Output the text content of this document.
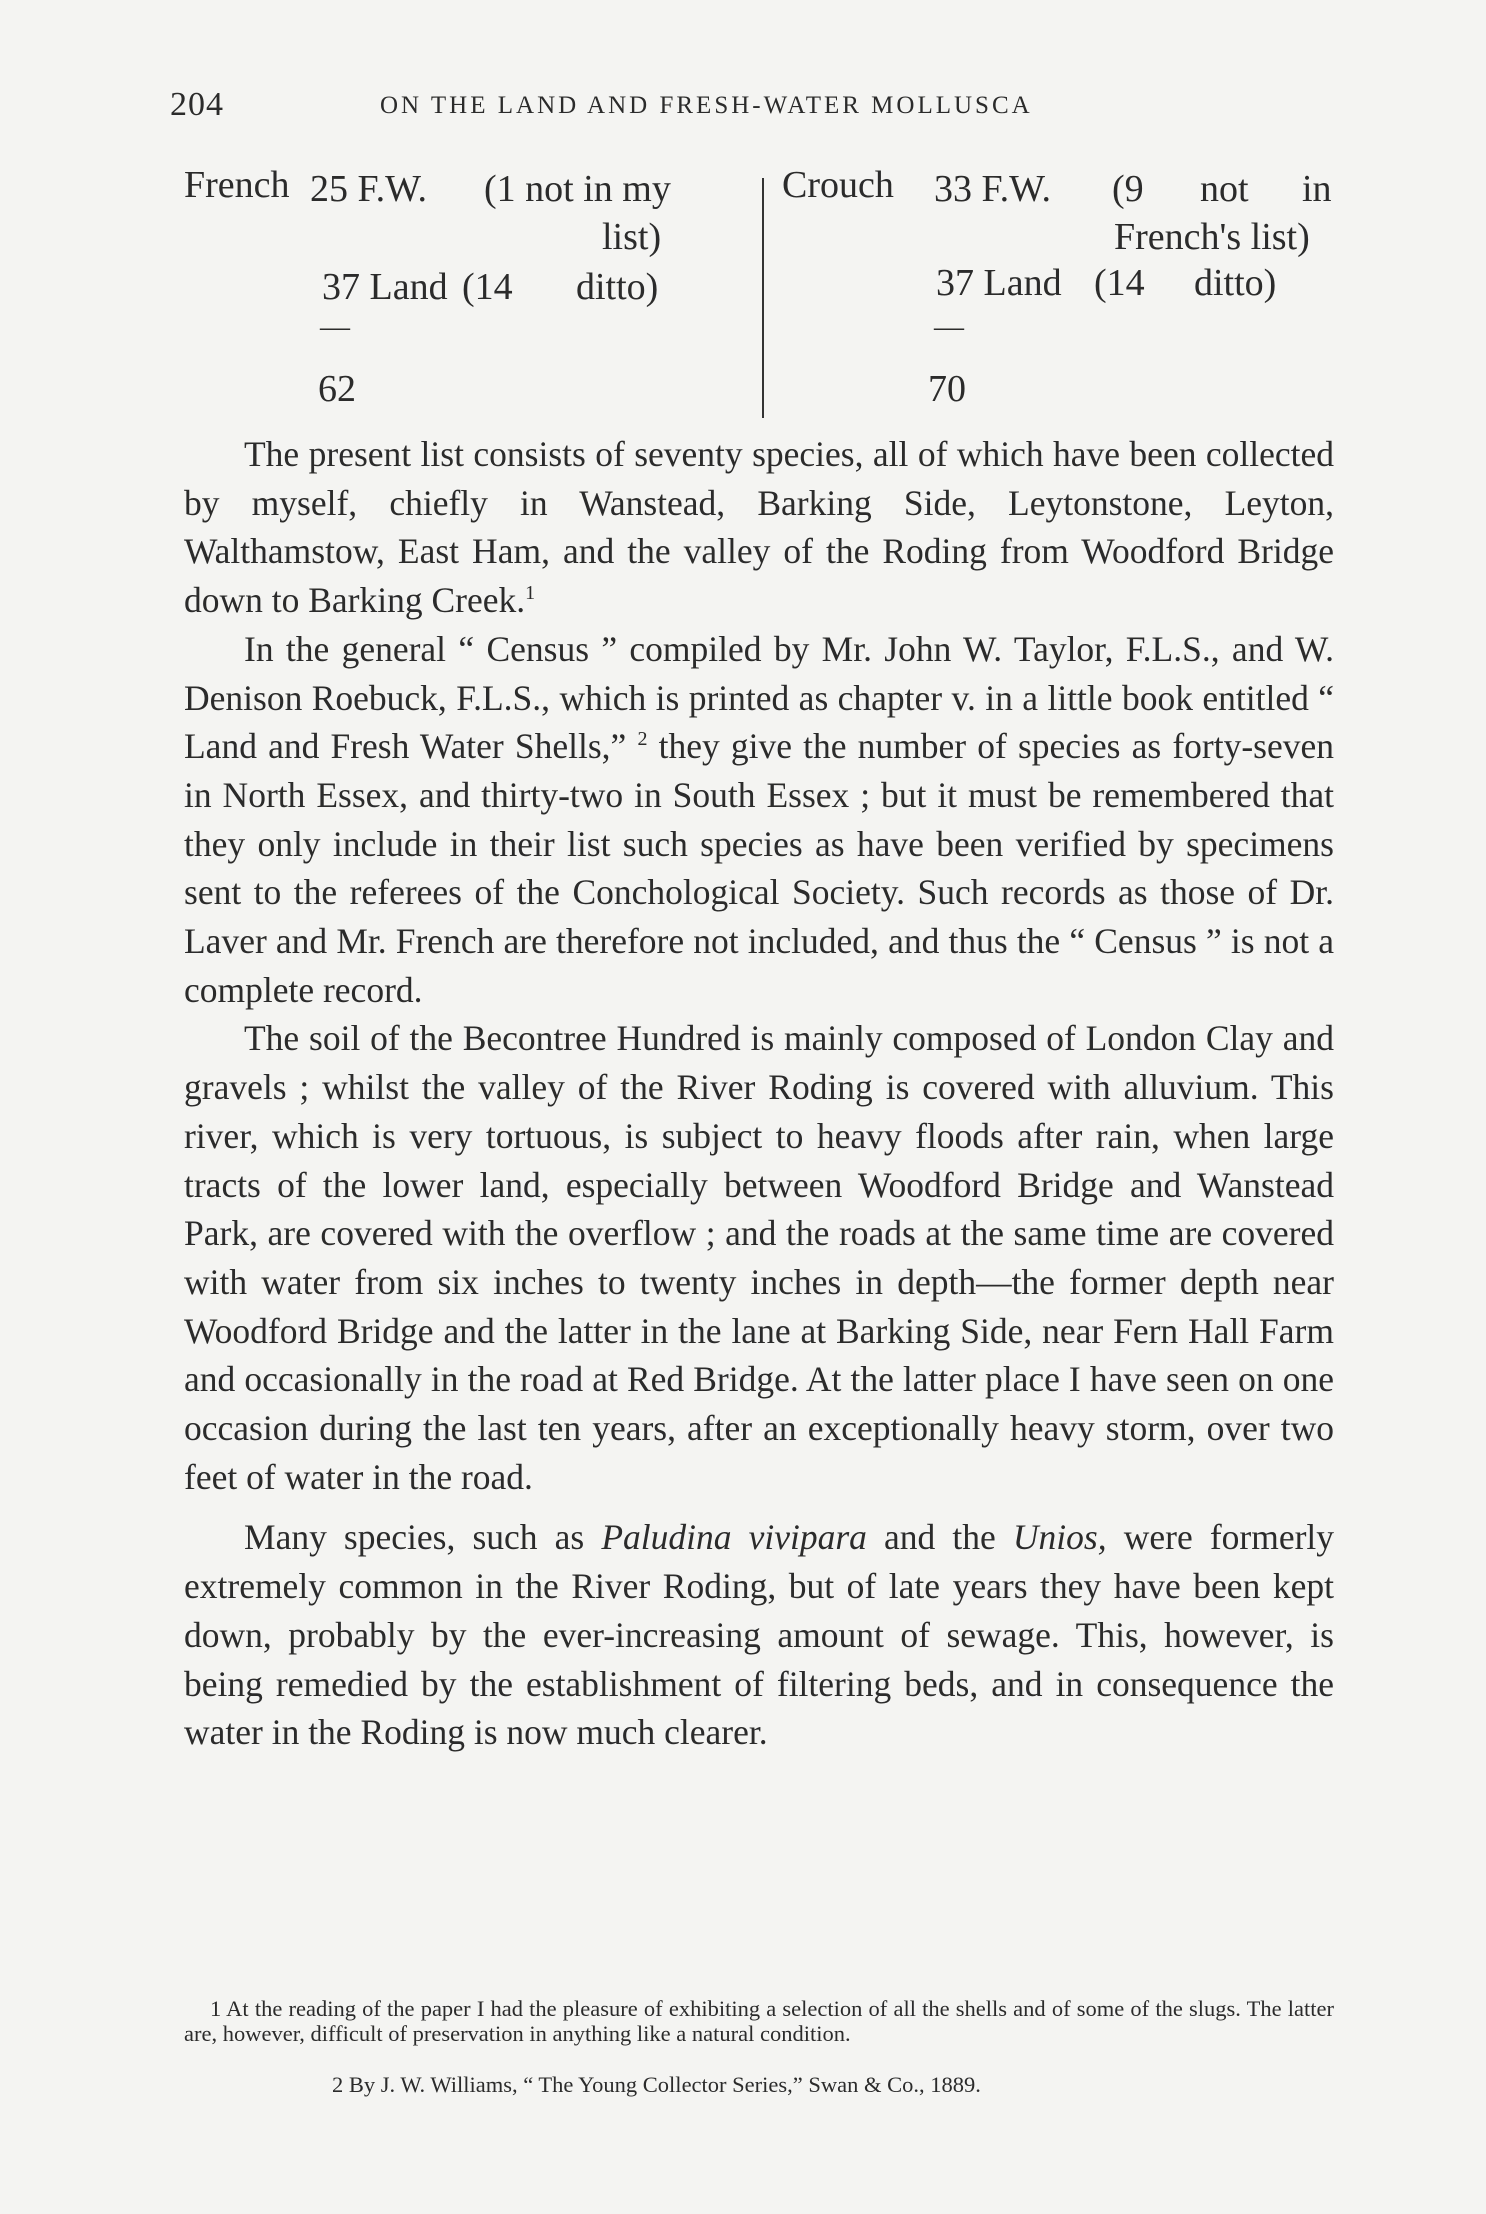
204	ON THE LAND AND FRESH-WATER MOLLUSCA
French 25 F.W. (1 not in my
list)
37 Land (14 ditto)
—
62
Crouch 33 F.W. (9 not in
French's list)
37 Land (14 ditto)
—
70

The present list consists of seventy species, all of which have been collected by myself, chiefly in Wanstead, Barking Side, Leytonstone, Leyton, Walthamstow, East Ham, and the valley of the Roding from Woodford Bridge down to Barking Creek.$^1$

In the general “ Census ” compiled by Mr. John W. Taylor, F.L.S., and W. Denison Roebuck, F.L.S., which is printed as chapter v. in a little book entitled “ Land and Fresh Water Shells,” $^2$ they give the number of species as forty-seven in North Essex, and thirty-two in South Essex ; but it must be remembered that they only include in their list such species as have been verified by specimens sent to the referees of the Conchological Society. Such records as those of Dr. Laver and Mr. French are therefore not included, and thus the “ Census ” is not a complete record.

The soil of the Becontree Hundred is mainly composed of London Clay and gravels ; whilst the valley of the River Roding is covered with alluvium. This river, which is very tortuous, is subject to heavy floods after rain, when large tracts of the lower land, especially between Woodford Bridge and Wanstead Park, are covered with the overflow ; and the roads at the same time are covered with water from six inches to twenty inches in depth—the former depth near Woodford Bridge and the latter in the lane at Barking Side, near Fern Hall Farm and occasionally in the road at Red Bridge. At the latter place I have seen on one occasion during the last ten years, after an exceptionally heavy storm, over two feet of water in the road.

Many species, such as Paludina vivipara and the Unios, were formerly extremely common in the River Roding, but of late years they have been kept down, probably by the ever-increasing amount of sewage. This, however, is being remedied by the establishment of filtering beds, and in consequence the water in the Roding is now much clearer.

1 At the reading of the paper I had the pleasure of exhibiting a selection of all the shells and of some of the slugs. The latter are, however, difficult of preservation in anything like a natural condition.

2 By J. W. Williams, “ The Young Collector Series,” Swan & Co., 1889.
